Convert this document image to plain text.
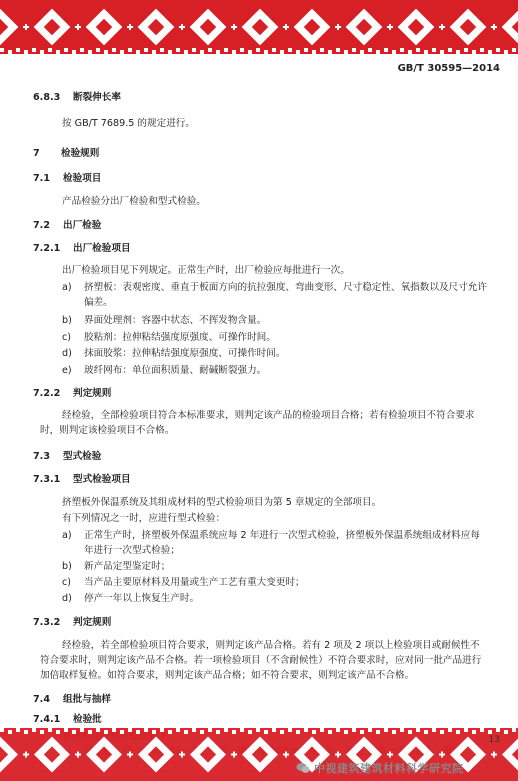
GB/T 30595—2014
6.8.3 断裂伸长率
按 GB/T 7689.5 的规定进行。
7 检验规则
7.1 检验项目
产品检验分出厂检验和型式检验。
7.2 出厂检验
7.2.1 出厂检验项目
出厂检验项目见下列规定。正常生产时，出厂检验应每批进行一次。
a) 挤塑板：表观密度、垂直于板面方向的抗拉强度、弯曲变形、尺寸稳定性、氧指数以及尺寸允许
偏差。
b) 界面处理剂：容器中状态、不挥发物含量。
c) 胶粘剂：拉伸粘结强度原强度、可操作时间。
d) 抹面胶浆：拉伸粘结强度原强度、可操作时间。
e) 玻纤网布：单位面积质量、耐碱断裂强力。
7.2.2 判定规则
经检验，全部检验项目符合本标准要求，则判定该产品的检验项目合格；若有检验项目不符合要求
时，则判定该检验项目不合格。
7.3 型式检验
7.3.1 型式检验项目
挤塑板外保温系统及其组成材料的型式检验项目为第 5 章规定的全部项目。
有下列情况之一时，应进行型式检验：
a) 正常生产时，挤塑板外保温系统应每 2 年进行一次型式检验，挤塑板外保温系统组成材料应每
年进行一次型式检验；
b) 新产品定型鉴定时；
c) 当产品主要原材料及用量或生产工艺有重大变更时；
d) 停产一年以上恢复生产时。
7.3.2 判定规则
经检验，若全部检验项目符合要求，则判定该产品合格。若有 2 项及 2 项以上检验项目或耐候性不
符合要求时，则判定该产品不合格。若一项检验项目（不含耐候性）不符合要求时，应对同一批产品进行
加倍取样复检。如符合要求，则判定该产品合格；如不符合要求，则判定该产品不合格。
7.4 组批与抽样
7.4.1 检验批
13
中视建筑建筑材料科学研究院
